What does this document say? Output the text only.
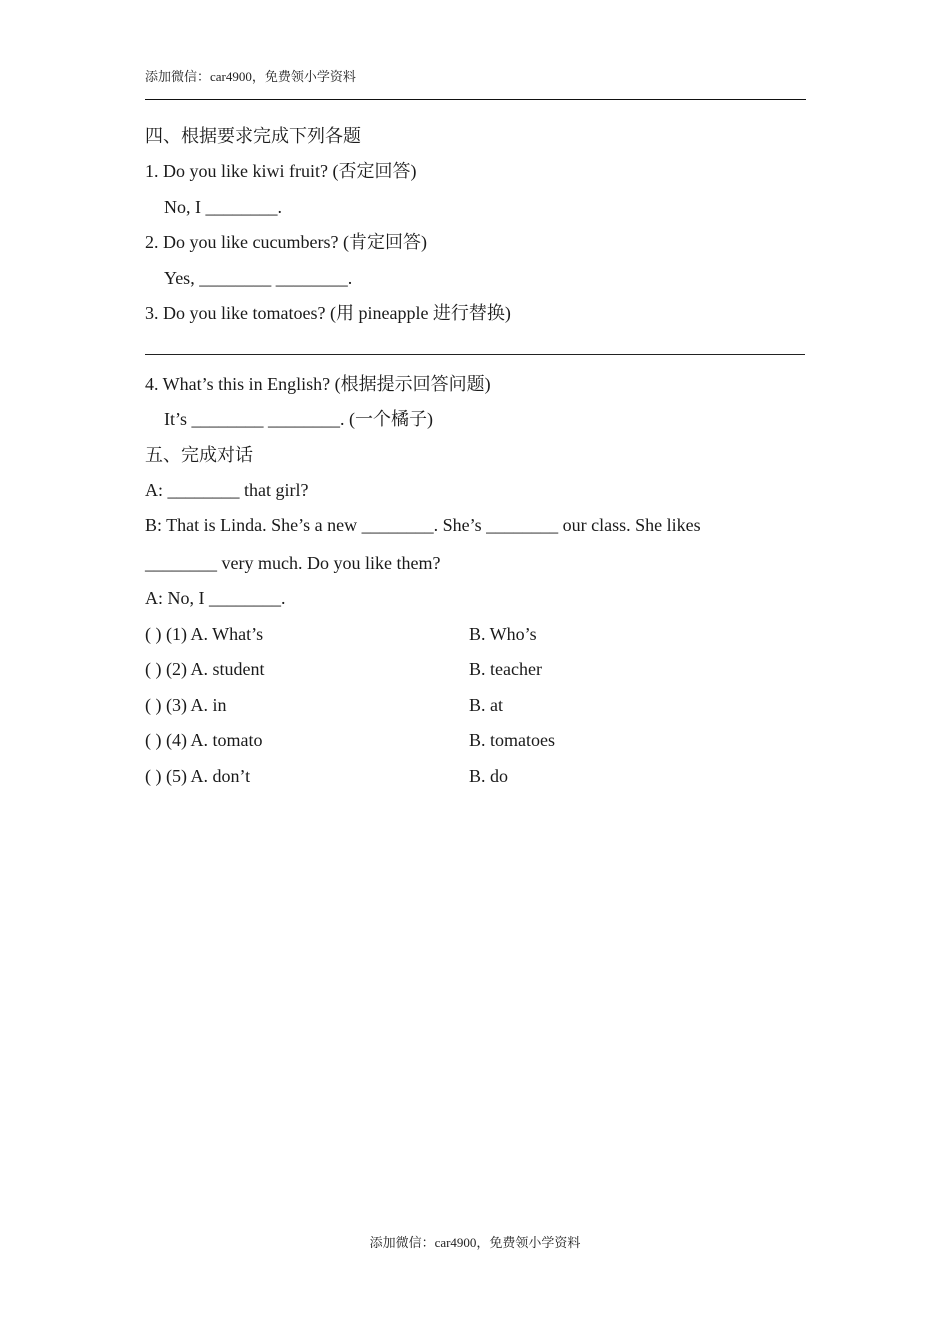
添加微信：car4900，免费领小学资料
四、根据要求完成下列各题
1. Do you like kiwi fruit? (否定回答)
No, I ________.
2. Do you like cucumbers? (肯定回答)
Yes, ________ ________.
3. Do you like tomatoes? (用 pineapple 进行替换)
4. What’s this in English? (根据提示回答问题)
It’s ________ ________. (一个橘子)
五、完成对话
A: ________ that girl?
B: That is Linda. She’s a new ________. She’s ________ our class. She likes
________ very much. Do you like them?
A: No, I ________.
( ) (1) A. What’s	B. Who’s
( ) (2) A. student	B. teacher
( ) (3) A. in	B. at
( ) (4) A. tomato	B. tomatoes
( ) (5) A. don’t	B. do
添加微信：car4900，免费领小学资料
